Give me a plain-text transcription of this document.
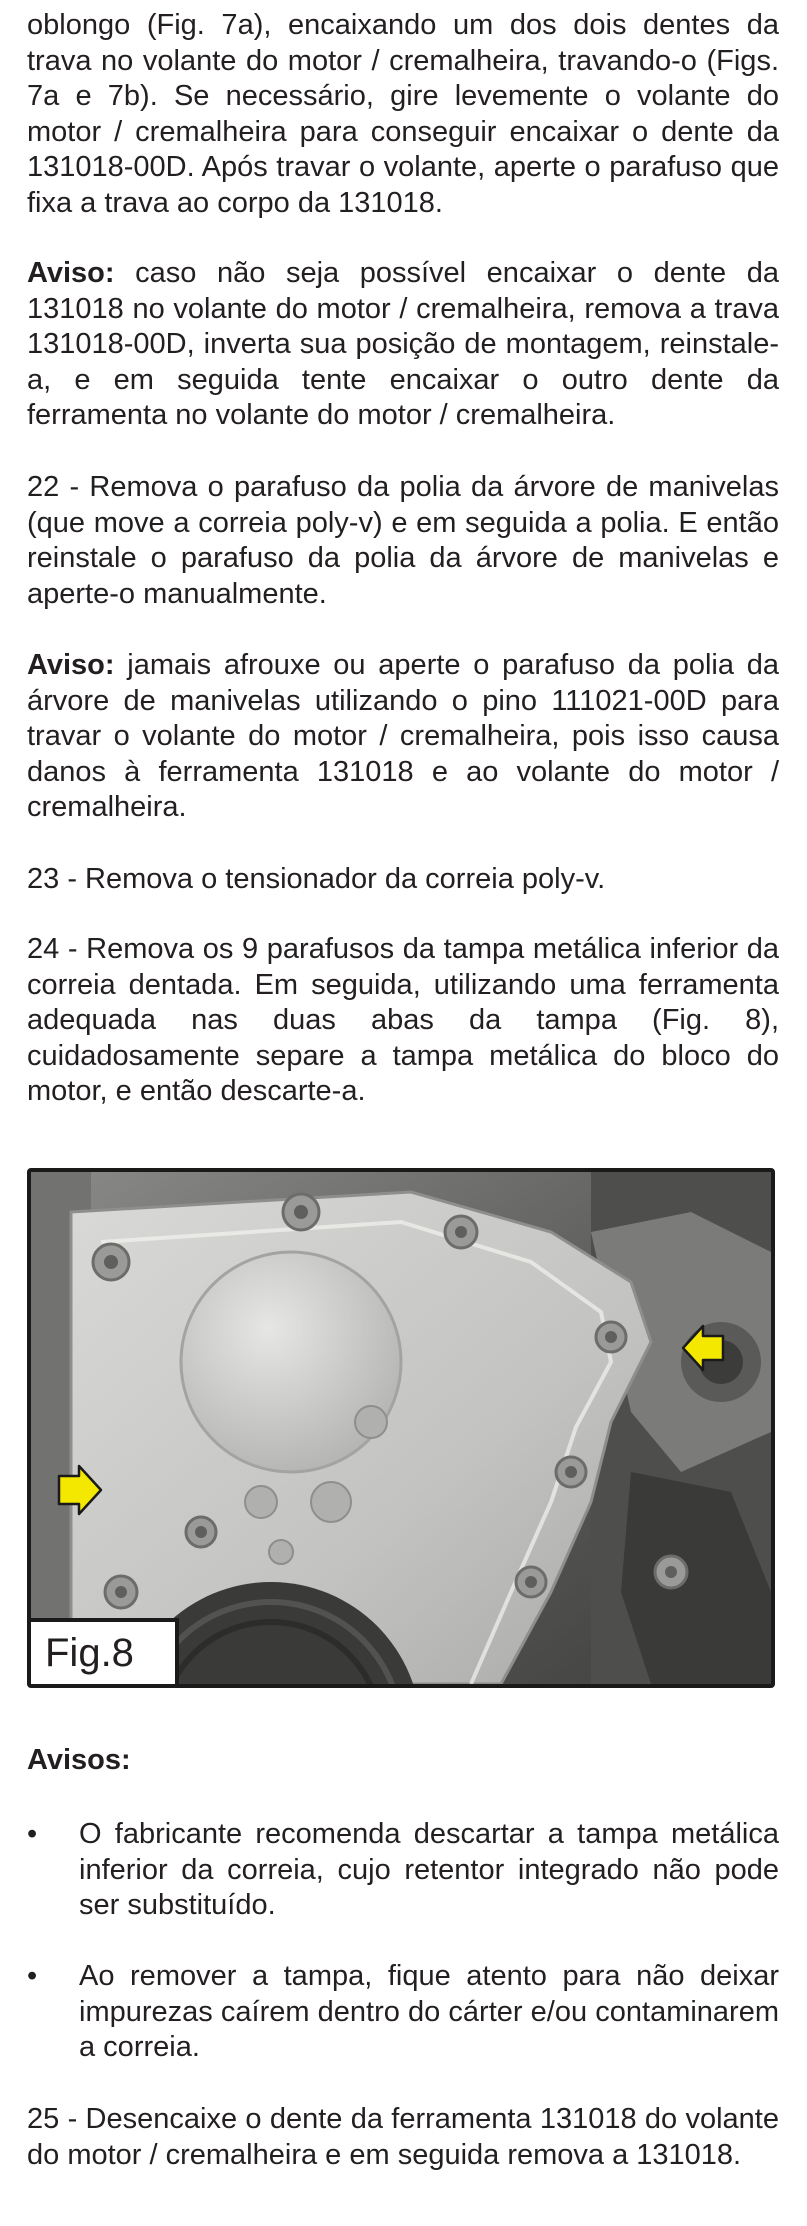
oblongo (Fig. 7a), encaixando um dos dois dentes da trava no volante do motor / cremalheira, travando-o (Figs. 7a e 7b). Se necessário, gire levemente o volante do motor / cremalheira para conseguir encaixar o dente da 131018-00D. Após travar o volante, aperte o parafuso que fixa a trava ao corpo da 131018.

Aviso: caso não seja possível encaixar o dente da 131018 no volante do motor / cremalheira, remova a trava 131018-00D, inverta sua posição de montagem, reinstale-a, e em seguida tente encaixar o outro dente da ferramenta no volante do motor / cremalheira.

22 - Remova o parafuso da polia da árvore de manivelas (que move a correia poly-v) e em seguida a polia. E então reinstale o parafuso da polia da árvore de manivelas e aperte-o manualmente.

Aviso: jamais afrouxe ou aperte o parafuso da polia da árvore de manivelas utilizando o pino 111021-00D para travar o volante do motor / cremalheira, pois isso causa danos à ferramenta 131018 e ao volante do motor / cremalheira.

23 - Remova o tensionador da correia poly-v.

24 - Remova os 9 parafusos da tampa metálica inferior da correia dentada. Em seguida, utilizando uma ferramenta adequada nas duas abas da tampa (Fig. 8), cuidadosamente separe a tampa metálica do bloco do motor, e então descarte-a.

Fig.8

Avisos:

• O fabricante recomenda descartar a tampa metálica inferior da correia, cujo retentor integrado não pode ser substituído.

• Ao remover a tampa, fique atento para não deixar impurezas caírem dentro do cárter e/ou contaminarem a correia.

25 - Desencaixe o dente da ferramenta 131018 do volante do motor / cremalheira e em seguida remova a 131018.
